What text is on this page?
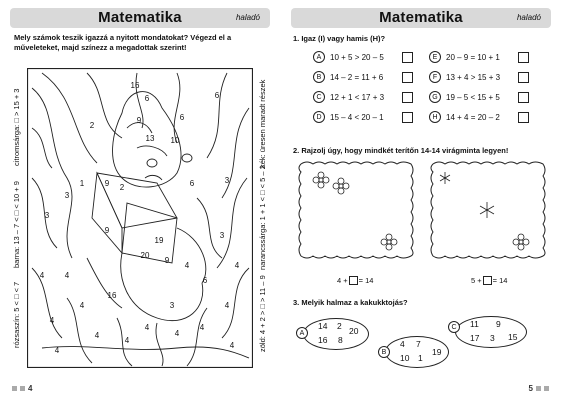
Matematika	haladó
Mely számok teszik igazzá a nyitott mondatokat? Végezd el a műveleteket, majd színezz a megadottak szerint!
citromsárga: □ > 15 + 3
barna: 13 – 7 < □ < 10 + 9
rózsaszín: 5 < □ < 7
kék: üresen maradt részek
narancssárga: 1 + 1 < □ < 5 – 2
zöld: 4 + 2 > □ > 11 – 9
16
6
9	6
13 10
6
1	9 2
20
19
9
3
6	3
3
4	4
4
4
4
4
4
3
4
4
4
3
4
4
4
6
4
9
16
2
4
Matematika	haladó
1. Igaz (I) vagy hamis (H)?
A	10 + 5 > 20 – 5
B	14 – 2 = 11 + 6
C	12 + 1 < 17 + 3
D	15 – 4 < 20 – 1
E	20 – 9 = 10 + 1
F	13 + 4 > 15 + 3
G	19 – 5 < 15 + 5
H	14 + 4 = 20 – 2
2. Rajzolj úgy, hogy mindkét terítőn 14-14 virágminta legyen!
4 + = 14	5 + = 14
3. Melyik halmaz a kakukktojás?
A
14 2 20
16 8
B
4 7
19
10 1
C	11 9
15
17 3
5
